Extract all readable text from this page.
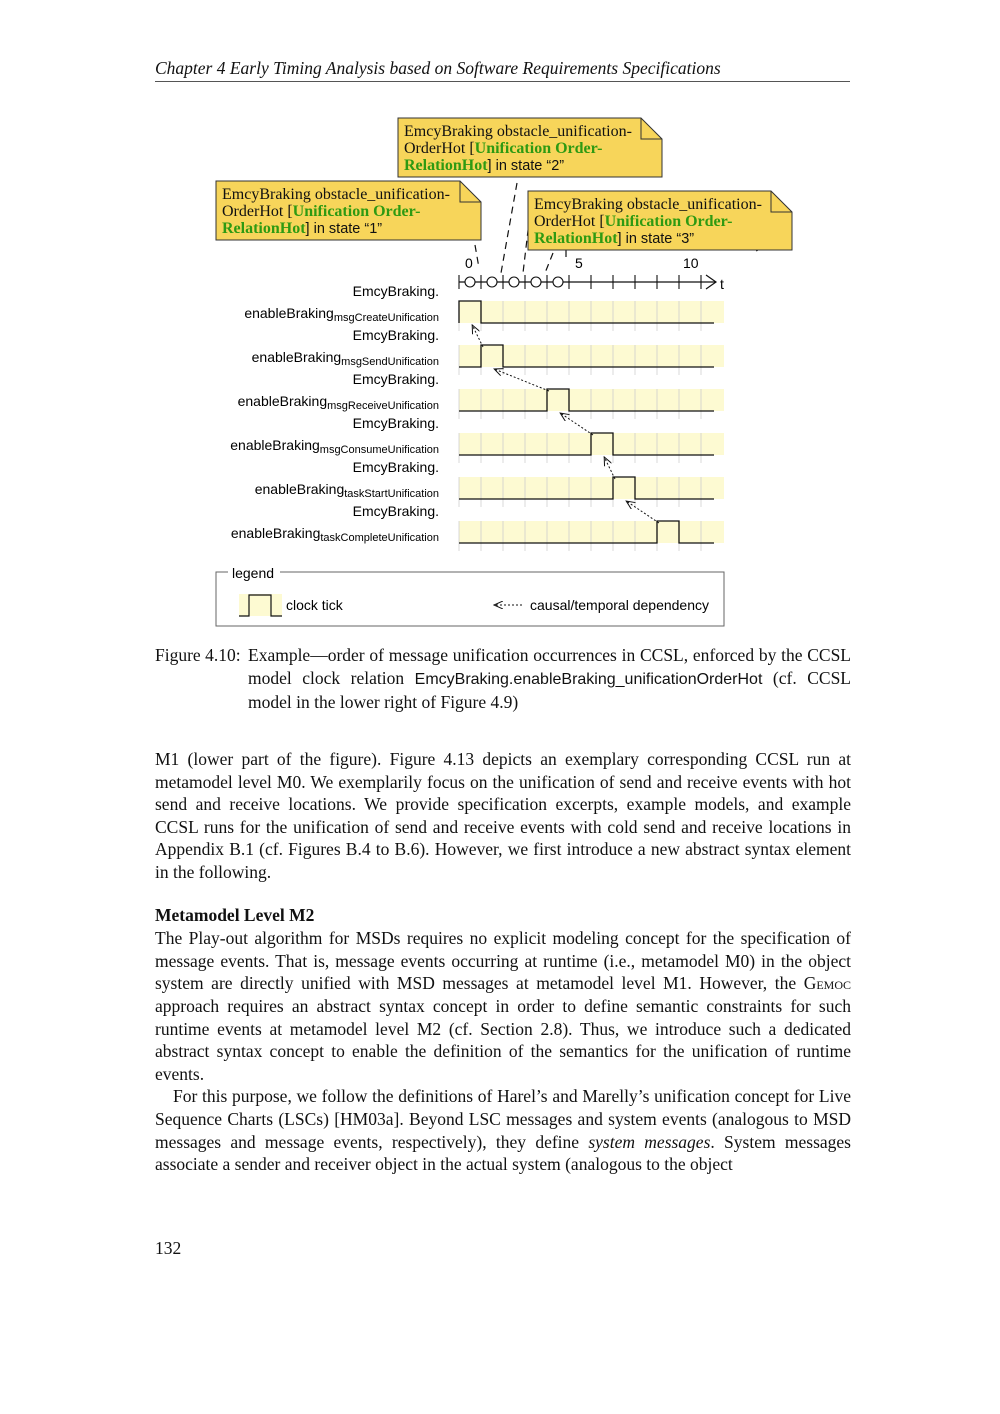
Chapter 4 Early Timing Analysis based on Software Requirements Specifications
EmcyBraking obstacle_unification-
OrderHot [Unification Order-
RelationHot] in state “1”
EmcyBraking obstacle_unification-
OrderHot [Unification Order-
RelationHot] in state “2”
EmcyBraking obstacle_unification-
OrderHot [Unification Order-
RelationHot] in state “3”
0	5	10
t
EmcyBraking.
enableBraking$_{msgCreateUnification}$
EmcyBraking.
enableBraking$_{msgSendUnification}$
EmcyBraking.
enableBraking$_{msgReceiveUnification}$
EmcyBraking.
enableBraking$_{msgConsumeUnification}$
EmcyBraking.
enableBraking$_{taskStartUnification}$
EmcyBraking.
enableBraking$_{taskCompleteUnification}$
legend
clock tick	causal/temporal dependency
Figure 4.10: Example—order of message unification occurrences in CCSL, enforced by the CCSL model clock relation EmcyBraking.enableBraking_unificationOrderHot (cf. CCSL model in the lower right of Figure 4.9)

M1 (lower part of the figure). Figure 4.13 depicts an exemplary corresponding CCSL run at metamodel level M0. We exemplarily focus on the unification of send and receive events with hot send and receive locations. We provide specification excerpts, example models, and example CCSL runs for the unification of send and receive events with cold send and receive locations in Appendix B.1 (cf. Figures B.4 to B.6). However, we first introduce a new abstract syntax element in the following.

Metamodel Level M2

The Play-out algorithm for MSDs requires no explicit modeling concept for the specification of message events. That is, message events occurring at runtime (i.e., metamodel M0) in the object system are directly unified with MSD messages at metamodel level M1. However, the Gemoc approach requires an abstract syntax concept in order to define semantic constraints for such runtime events at metamodel level M2 (cf. Section 2.8). Thus, we introduce such a dedicated abstract syntax concept to enable the definition of the semantics for the unification of runtime events.

For this purpose, we follow the definitions of Harel’s and Marelly’s unification concept for Live Sequence Charts (LSCs) [HM03a]. Beyond LSC messages and system events (analogous to MSD messages and message events, respectively), they define system messages. System messages associate a sender and receiver object in the actual system (analogous to the object

132
